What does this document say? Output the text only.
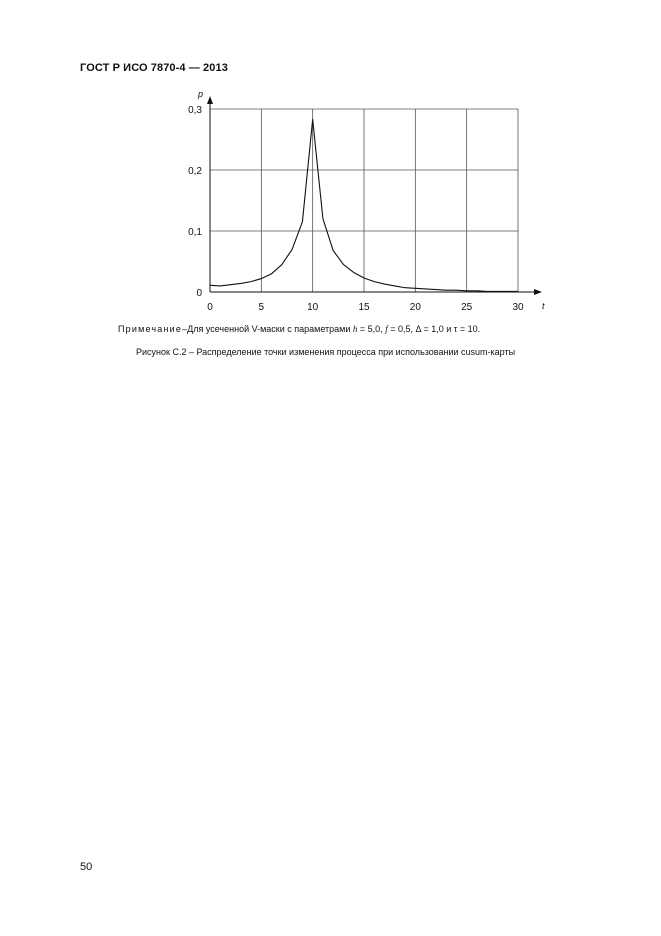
ГОСТ Р ИСО 7870-4 — 2013
0	5	10	15	20	25	30
0
0,1
0,2
0,3
p
t
Примечание–Для усеченной V-маски с параметрами h = 5,0, f = 0,5, Δ = 1,0 и τ = 10.
Рисунок C.2 – Распределение точки изменения процесса при использовании cusum-карты
50
